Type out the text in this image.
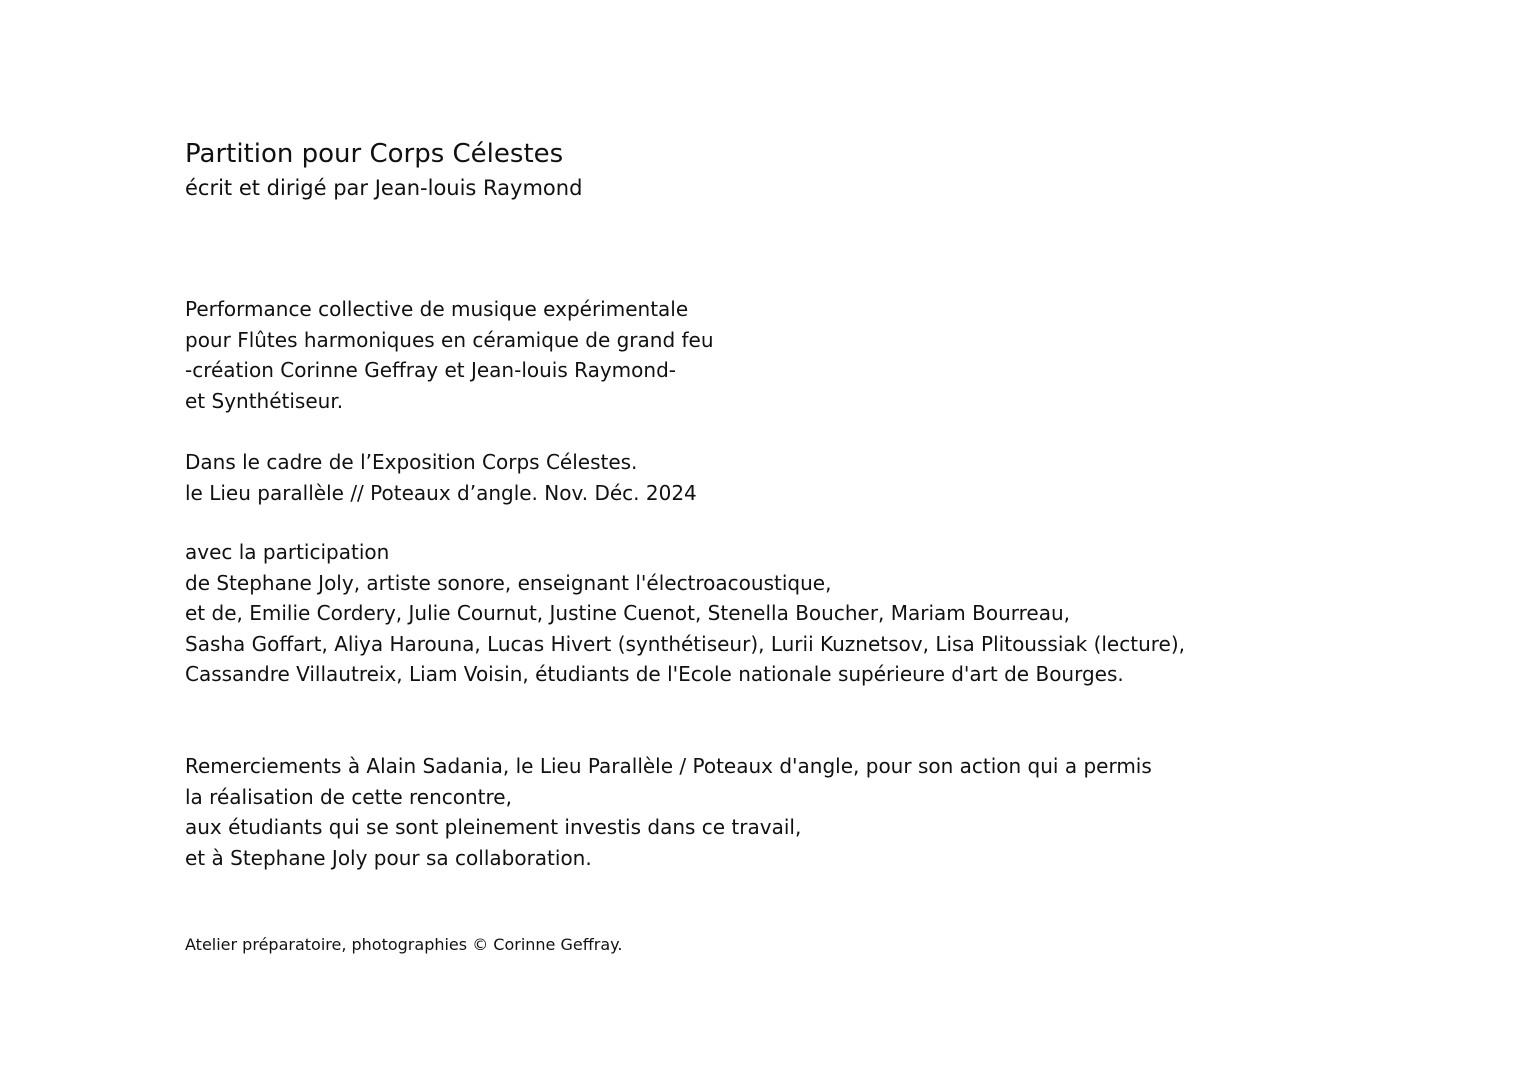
Partition pour Corps Célestes

écrit et dirigé par Jean-louis Raymond

Performance collective de musique expérimentale
pour Flûtes harmoniques en céramique de grand feu
-création Corinne Geffray et Jean-louis Raymond-
et Synthétiseur.
Dans le cadre de l’Exposition Corps Célestes.
le Lieu parallèle // Poteaux d’angle. Nov. Déc. 2024
avec la participation
de Stephane Joly, artiste sonore, enseignant l'électroacoustique,
et de, Emilie Cordery, Julie Cournut, Justine Cuenot, Stenella Boucher, Mariam Bourreau,
Sasha Goffart, Aliya Harouna, Lucas Hivert (synthétiseur), Lurii Kuznetsov, Lisa Plitoussiak (lecture),
Cassandre Villautreix, Liam Voisin, étudiants de l'Ecole nationale supérieure d'art de Bourges.
Remerciements à Alain Sadania, le Lieu Parallèle / Poteaux d'angle, pour son action qui a permis
la réalisation de cette rencontre,
aux étudiants qui se sont pleinement investis dans ce travail,
et à Stephane Joly pour sa collaboration.
Atelier préparatoire, photographies © Corinne Geffray.
